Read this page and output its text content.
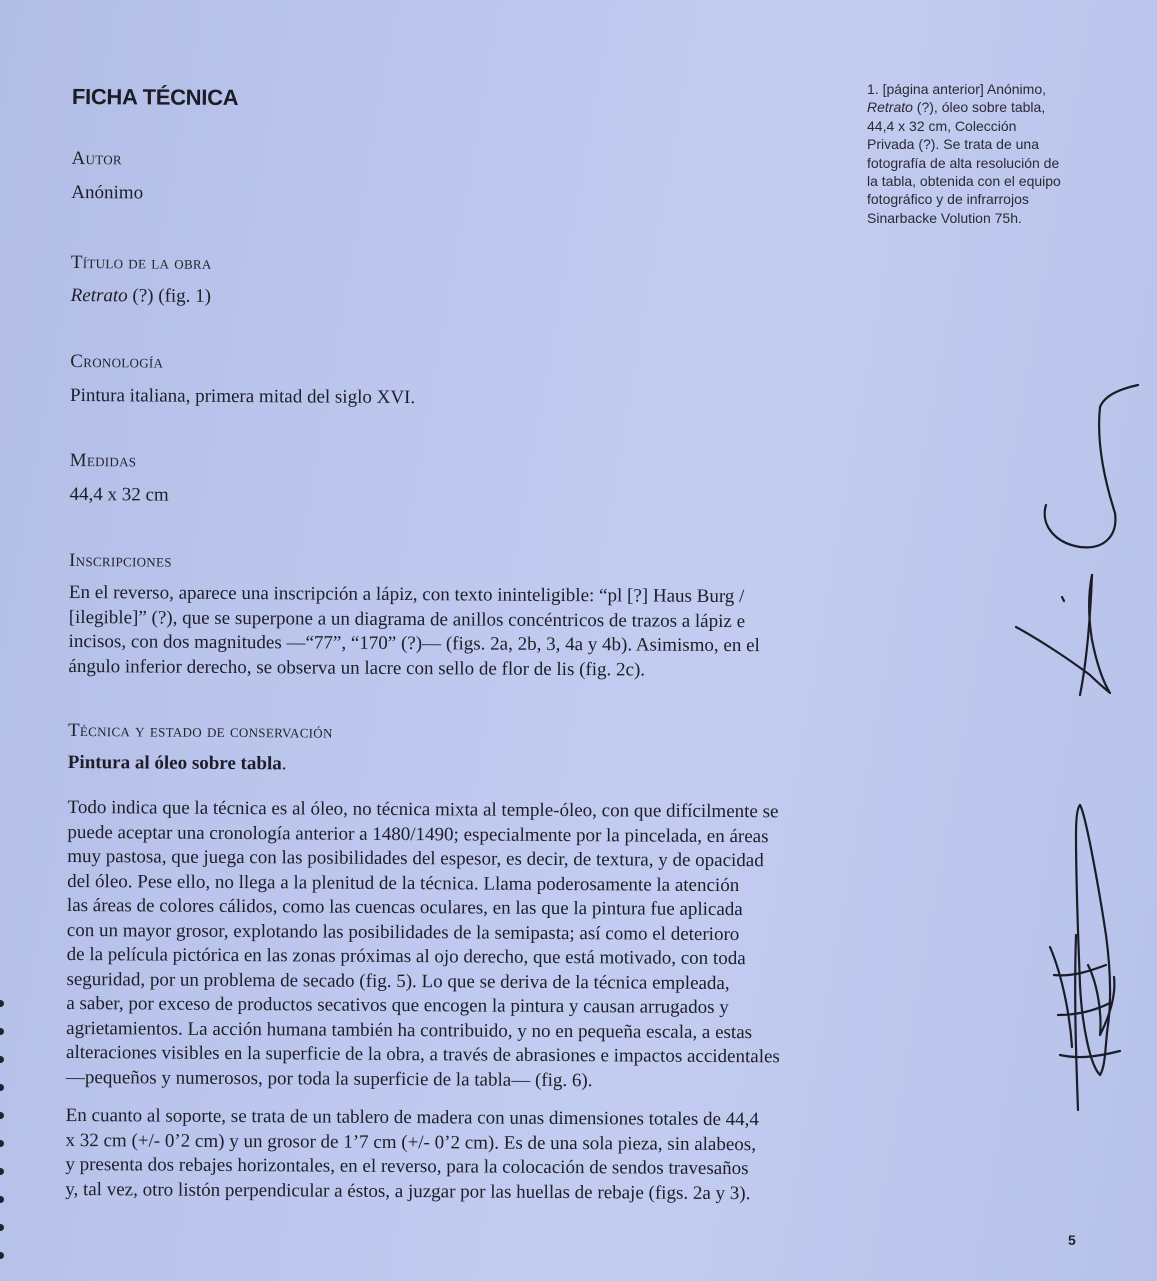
FICHA TÉCNICA

Autor

Anónimo

Título de la obra

Retrato (?) (fig. 1)

Cronología

Pintura italiana, primera mitad del siglo XVI.

Medidas

44,4 x 32 cm

Inscripciones

En el reverso, aparece una inscripción a lápiz, con texto ininteligible: “pl [?] Haus Burg /
[ilegible]” (?), que se superpone a un diagrama de anillos concéntricos de trazos a lápiz e
incisos, con dos magnitudes —“77”, “170” (?)— (figs. 2a, 2b, 3, 4a y 4b). Asimismo, en el
ángulo inferior derecho, se observa un lacre con sello de flor de lis (fig. 2c).

Técnica y estado de conservación

Pintura al óleo sobre tabla.

Todo indica que la técnica es al óleo, no técnica mixta al temple-óleo, con que difícilmente se
puede aceptar una cronología anterior a 1480/1490; especialmente por la pincelada, en áreas
muy pastosa, que juega con las posibilidades del espesor, es decir, de textura, y de opacidad
del óleo. Pese ello, no llega a la plenitud de la técnica. Llama poderosamente la atención
las áreas de colores cálidos, como las cuencas oculares, en las que la pintura fue aplicada
con un mayor grosor, explotando las posibilidades de la semipasta; así como el deterioro
de la película pictórica en las zonas próximas al ojo derecho, que está motivado, con toda
seguridad, por un problema de secado (fig. 5). Lo que se deriva de la técnica empleada,
a saber, por exceso de productos secativos que encogen la pintura y causan arrugados y
agrietamientos. La acción humana también ha contribuido, y no en pequeña escala, a estas
alteraciones visibles en la superficie de la obra, a través de abrasiones e impactos accidentales
—pequeños y numerosos, por toda la superficie de la tabla— (fig. 6).

En cuanto al soporte, se trata de un tablero de madera con unas dimensiones totales de 44,4
x 32 cm (+/- 0’2 cm) y un grosor de 1’7 cm (+/- 0’2 cm). Es de una sola pieza, sin alabeos,
y presenta dos rebajes horizontales, en el reverso, para la colocación de sendos travesaños
y, tal vez, otro listón perpendicular a éstos, a juzgar por las huellas de rebaje (figs. 2a y 3).

1. [página anterior] Anónimo,
Retrato (?), óleo sobre tabla,
44,4 x 32 cm, Colección
Privada (?). Se trata de una
fotografía de alta resolución de
la tabla, obtenida con el equipo
fotográfico y de infrarrojos
Sinarbacke Volution 75h.
5
